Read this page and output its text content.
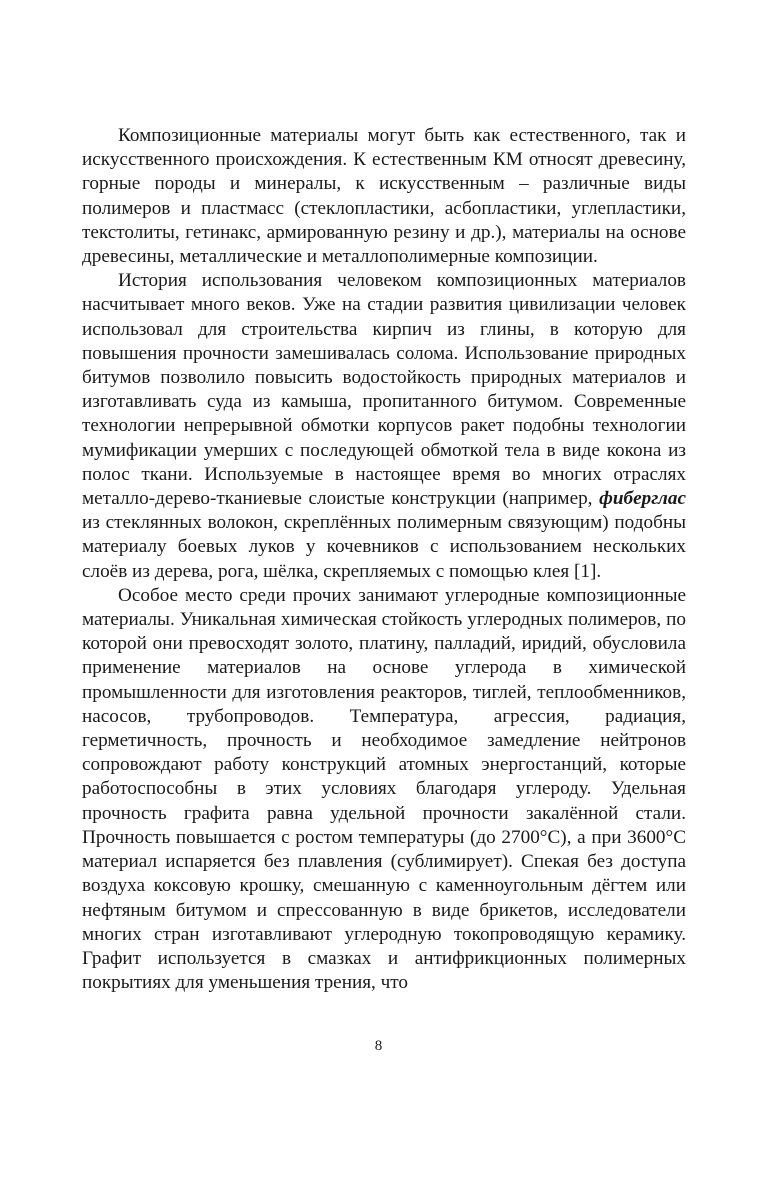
Композиционные материалы могут быть как естественного, так и искусственного происхождения. К естественным КМ относят древесину, горные породы и минералы, к искусственным – различные виды полимеров и пластмасс (стеклопластики, асбопластики, углепластики, текстолиты, гетинакс, армированную резину и др.), материалы на основе древесины, металлические и металлополимерные композиции.

История использования человеком композиционных материалов насчитывает много веков. Уже на стадии развития цивилизации человек использовал для строительства кирпич из глины, в которую для повышения прочности замешивалась солома. Использование природных битумов позволило повысить водостойкость природных материалов и изготавливать суда из камыша, пропитанного битумом. Современные технологии непрерывной обмотки корпусов ракет подобны технологии мумификации умерших с последующей обмоткой тела в виде кокона из полос ткани. Используемые в настоящее время во многих отраслях металло-дерево-тканиевые слоистые конструкции (например, фиберглас из стеклянных волокон, скреплённых полимерным связующим) подобны материалу боевых луков у кочевников с использованием нескольких слоёв из дерева, рога, шёлка, скрепляемых с помощью клея [1].

Особое место среди прочих занимают углеродные композиционные материалы. Уникальная химическая стойкость углеродных полимеров, по которой они превосходят золото, платину, палладий, иридий, обусловила применение материалов на основе углерода в химической промышленности для изготовления реакторов, тиглей, теплообменников, насосов, трубопроводов. Температура, агрессия, радиация, герметичность, прочность и необходимое замедление нейтронов сопровождают работу конструкций атомных энергостанций, которые работоспособны в этих условиях благодаря углероду. Удельная прочность графита равна удельной прочности закалённой стали. Прочность повышается с ростом температуры (до 2700°С), а при 3600°С материал испаряется без плавления (сублимирует). Спекая без доступа воздуха коксовую крошку, смешанную с каменноугольным дёгтем или нефтяным битумом и спрессованную в виде брикетов, исследователи многих стран изготавливают углеродную токопроводящую керамику. Графит используется в смазках и антифрикционных полимерных покрытиях для уменьшения трения, что

8
